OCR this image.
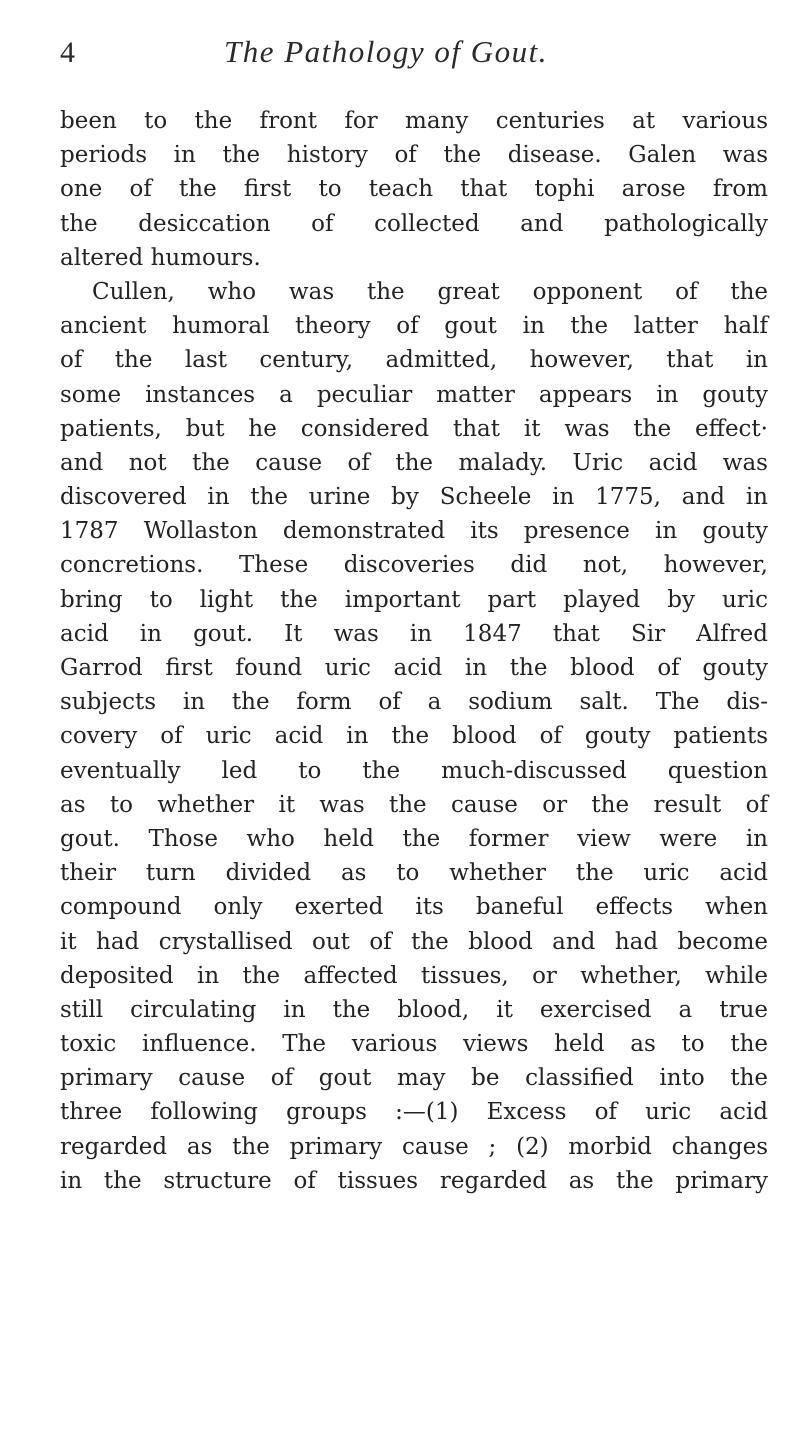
4	The Pathology of Gout.
been to the front for many centuries at various
periods in the history of the disease. Galen was
one of the first to teach that tophi arose from
the desiccation of collected and pathologically
altered humours.
Cullen, who was the great opponent of the
ancient humoral theory of gout in the latter half
of the last century, admitted, however, that in
some instances a peculiar matter appears in gouty
patients, but he considered that it was the effect·
and not the cause of the malady. Uric acid was
discovered in the urine by Scheele in 1775, and in
1787 Wollaston demonstrated its presence in gouty
concretions. These discoveries did not, however,
bring to light the important part played by uric
acid in gout. It was in 1847 that Sir Alfred
Garrod first found uric acid in the blood of gouty
subjects in the form of a sodium salt. The dis-
covery of uric acid in the blood of gouty patients
eventually led to the much-discussed question
as to whether it was the cause or the result of
gout. Those who held the former view were in
their turn divided as to whether the uric acid
compound only exerted its baneful effects when
it had crystallised out of the blood and had become
deposited in the affected tissues, or whether, while
still circulating in the blood, it exercised a true
toxic influence. The various views held as to the
primary cause of gout may be classified into the
three following groups :—(1) Excess of uric acid
regarded as the primary cause ; (2) morbid changes
in the structure of tissues regarded as the primary
